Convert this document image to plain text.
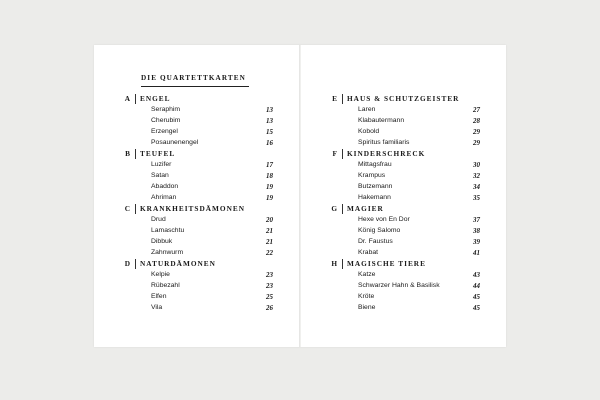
DIE QUARTETTKARTEN
A ENGEL
Seraphim	13
Cherubim	13
Erzengel	15
Posaunenengel	16
B TEUFEL
Luzifer	17
Satan	18
Abaddon	19
Ahriman	19
C KRANKHEITSDÄMONEN
Drud	20
Lamaschtu	21
Dibbuk	21
Zahnwurm	22
D NATURDÄMONEN
Kelpie	23
Rübezahl	23
Elfen	25
Vila	26
E HAUS & SCHUTZGEISTER
Laren	27
Klabautermann	28
Kobold	29
Spiritus familiaris	29
F KINDERSCHRECK
Mittagsfrau	30
Krampus	32
Butzemann	34
Hakemann	35
G MAGIER
Hexe von En Dor	37
König Salomo	38
Dr. Faustus	39
Krabat	41
H MAGISCHE TIERE
Katze	43
Schwarzer Hahn & Basilisk	44
Kröte	45
Biene	45
